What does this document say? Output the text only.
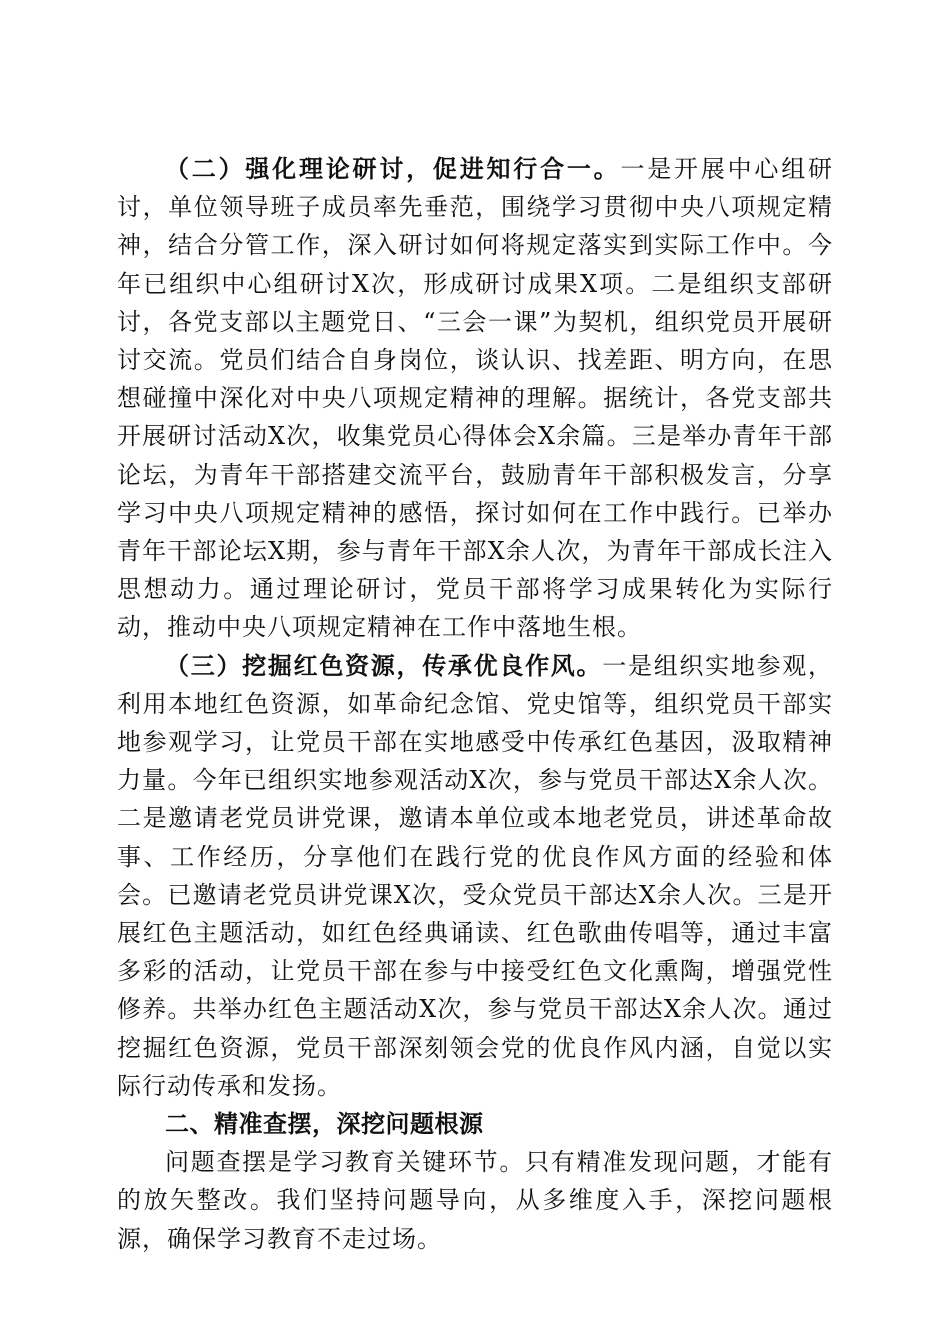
（二）强化理论研讨，促进知行合一。一是开展中心组研讨，单位领导班子成员率先垂范，围绕学习贯彻中央八项规定精神，结合分管工作，深入研讨如何将规定落实到实际工作中。今年已组织中心组研讨X次，形成研讨成果X项。二是组织支部研讨，各党支部以主题党日、“三会一课”为契机，组织党员开展研讨交流。党员们结合自身岗位，谈认识、找差距、明方向，在思想碰撞中深化对中央八项规定精神的理解。据统计，各党支部共开展研讨活动X次，收集党员心得体会X余篇。三是举办青年干部论坛，为青年干部搭建交流平台，鼓励青年干部积极发言，分享学习中央八项规定精神的感悟，探讨如何在工作中践行。已举办青年干部论坛X期，参与青年干部X余人次，为青年干部成长注入思想动力。通过理论研讨，党员干部将学习成果转化为实际行动，推动中央八项规定精神在工作中落地生根。

（三）挖掘红色资源，传承优良作风。一是组织实地参观，利用本地红色资源，如革命纪念馆、党史馆等，组织党员干部实地参观学习，让党员干部在实地感受中传承红色基因，汲取精神力量。今年已组织实地参观活动X次，参与党员干部达X余人次。二是邀请老党员讲党课，邀请本单位或本地老党员，讲述革命故事、工作经历，分享他们在践行党的优良作风方面的经验和体会。已邀请老党员讲党课X次，受众党员干部达X余人次。三是开展红色主题活动，如红色经典诵读、红色歌曲传唱等，通过丰富多彩的活动，让党员干部在参与中接受红色文化熏陶，增强党性修养。共举办红色主题活动X次，参与党员干部达X余人次。通过挖掘红色资源，党员干部深刻领会党的优良作风内涵，自觉以实际行动传承和发扬。

二、精准查摆，深挖问题根源

问题查摆是学习教育关键环节。只有精准发现问题，才能有的放矢整改。我们坚持问题导向，从多维度入手，深挖问题根源，确保学习教育不走过场。
